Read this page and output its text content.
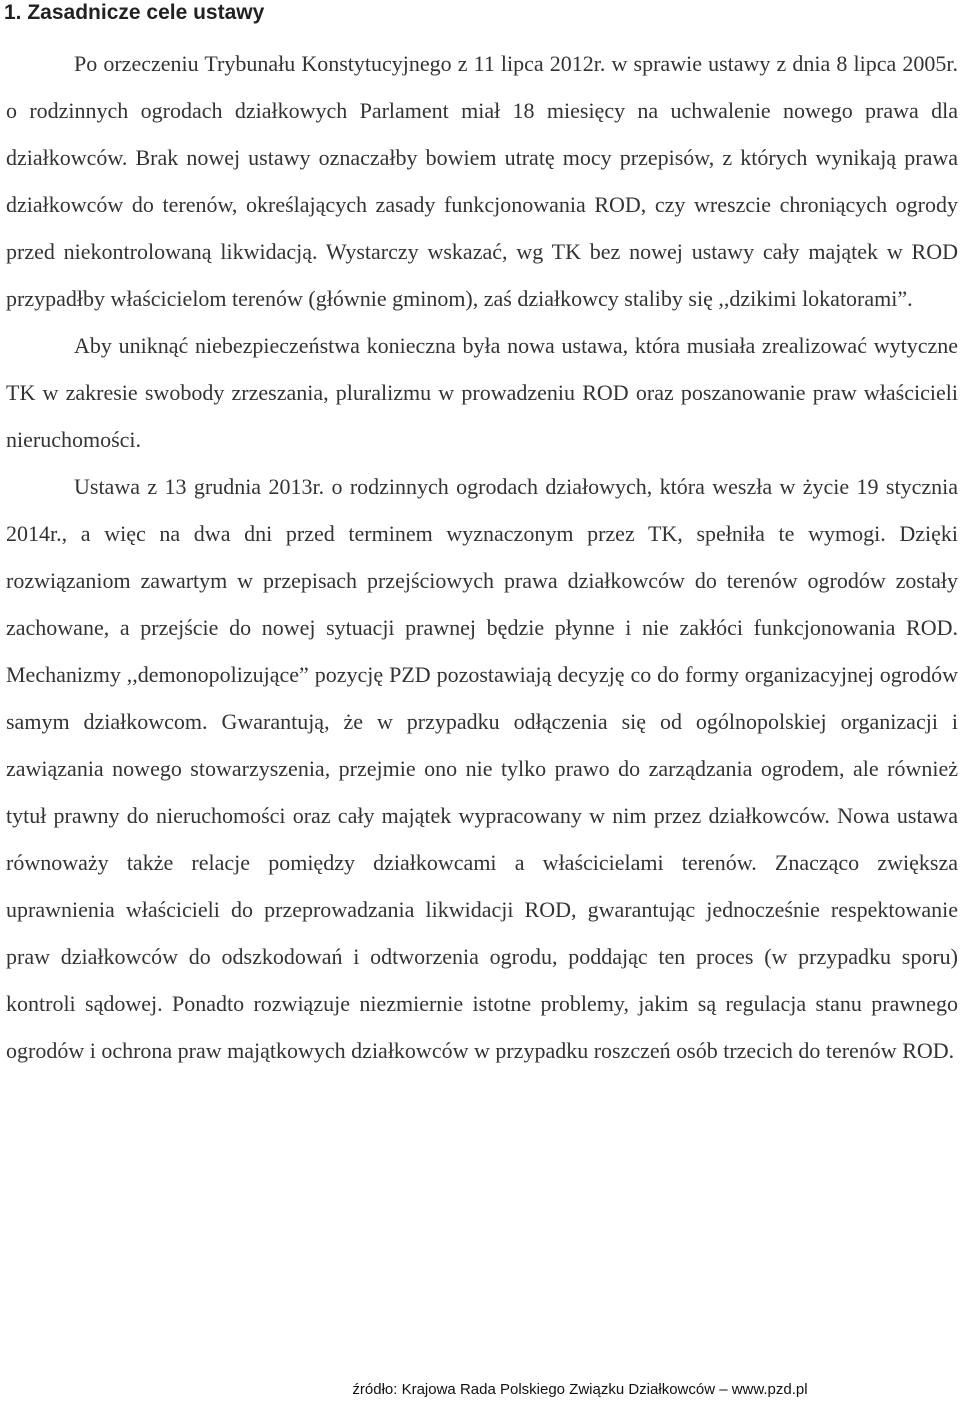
1. Zasadnicze cele ustawy

Po orzeczeniu Trybunału Konstytucyjnego z 11 lipca 2012r. w sprawie ustawy z dnia 8 lipca 2005r. o rodzinnych ogrodach działkowych Parlament miał 18 miesięcy na uchwalenie nowego prawa dla działkowców. Brak nowej ustawy oznaczałby bowiem utratę mocy przepisów, z których wynikają prawa działkowców do terenów, określających zasady funkcjonowania ROD, czy wreszcie chroniących ogrody przed niekontrolowaną likwidacją. Wystarczy wskazać, wg TK bez nowej ustawy cały majątek w ROD przypadłby właścicielom terenów (głównie gminom), zaś działkowcy staliby się ,,dzikimi lokatorami”.

Aby uniknąć niebezpieczeństwa konieczna była nowa ustawa, która musiała zrealizować wytyczne TK w zakresie swobody zrzeszania, pluralizmu w prowadzeniu ROD oraz poszanowanie praw właścicieli nieruchomości.

Ustawa z 13 grudnia 2013r. o rodzinnych ogrodach działowych, która weszła w życie 19 stycznia 2014r., a więc na dwa dni przed terminem wyznaczonym przez TK, spełniła te wymogi. Dzięki rozwiązaniom zawartym w przepisach przejściowych prawa działkowców do terenów ogrodów zostały zachowane, a przejście do nowej sytuacji prawnej będzie płynne i nie zakłóci funkcjonowania ROD. Mechanizmy ,,demonopolizujące” pozycję PZD pozostawiają decyzję co do formy organizacyjnej ogrodów samym działkowcom. Gwarantują, że w przypadku odłączenia się od ogólnopolskiej organizacji i zawiązania nowego stowarzyszenia, przejmie ono nie tylko prawo do zarządzania ogrodem, ale również tytuł prawny do nieruchomości oraz cały majątek wypracowany w nim przez działkowców. Nowa ustawa równoważy także relacje pomiędzy działkowcami a właścicielami terenów. Znacząco zwiększa uprawnienia właścicieli do przeprowadzania likwidacji ROD, gwarantując jednocześnie respektowanie praw działkowców do odszkodowań i odtworzenia ogrodu, poddając ten proces (w przypadku sporu) kontroli sądowej. Ponadto rozwiązuje niezmiernie istotne problemy, jakim są regulacja stanu prawnego ogrodów i ochrona praw majątkowych działkowców w przypadku roszczeń osób trzecich do terenów ROD.

źródło: Krajowa Rada Polskiego Związku Działkowców – www.pzd.pl
